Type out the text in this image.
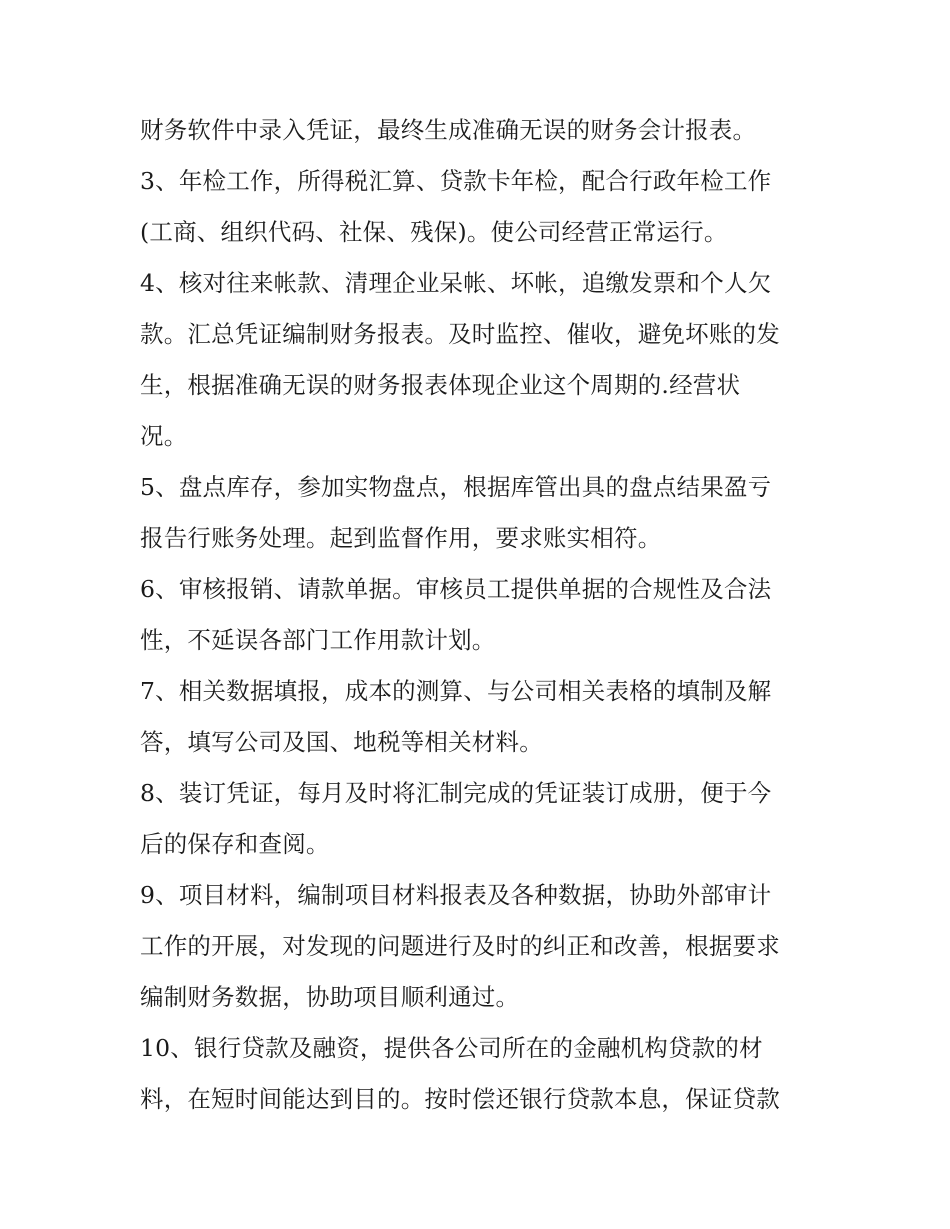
财务软件中录入凭证，最终生成准确无误的财务会计报表。
3、年检工作，所得税汇算、贷款卡年检，配合行政年检工作
(工商、组织代码、社保、残保)。使公司经营正常运行。
4、核对往来帐款、清理企业呆帐、坏帐，追缴发票和个人欠
款。汇总凭证编制财务报表。及时监控、催收，避免坏账的发
生，根据准确无误的财务报表体现企业这个周期的.经营状
况。
5、盘点库存，参加实物盘点，根据库管出具的盘点结果盈亏
报告行账务处理。起到监督作用，要求账实相符。
6、审核报销、请款单据。审核员工提供单据的合规性及合法
性，不延误各部门工作用款计划。
7、相关数据填报，成本的测算、与公司相关表格的填制及解
答，填写公司及国、地税等相关材料。
8、装订凭证，每月及时将汇制完成的凭证装订成册，便于今
后的保存和查阅。
9、项目材料，编制项目材料报表及各种数据，协助外部审计
工作的开展，对发现的问题进行及时的纠正和改善，根据要求
编制财务数据，协助项目顺利通过。
10、银行贷款及融资，提供各公司所在的金融机构贷款的材
料，在短时间能达到目的。按时偿还银行贷款本息，保证贷款
